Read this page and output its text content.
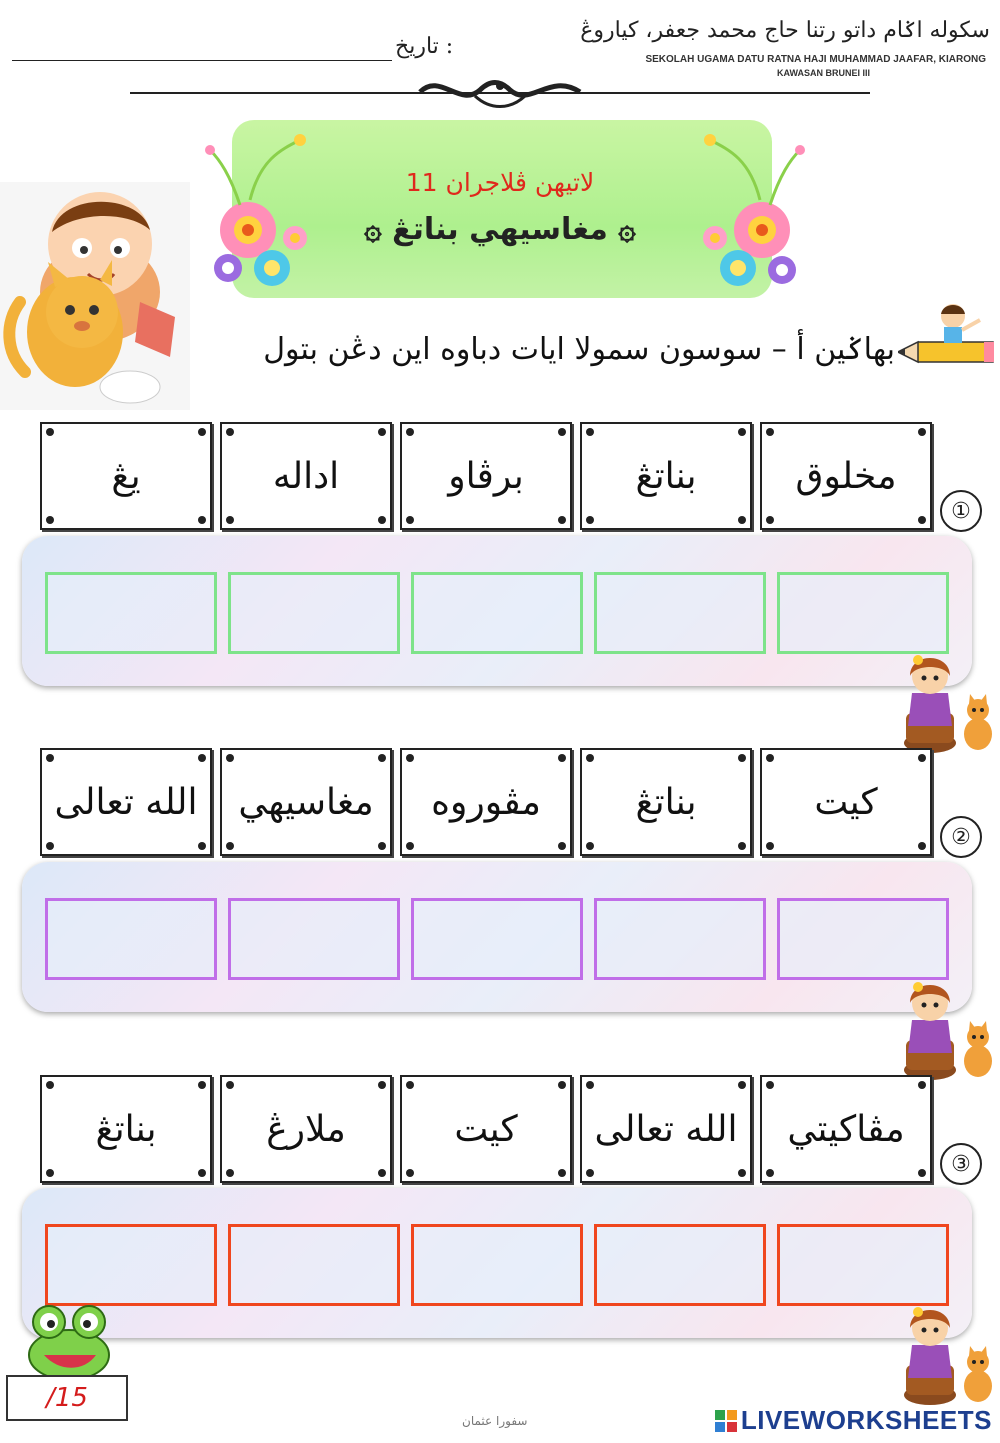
سکوله اݢام داتو رتنا حاج محمد جعفر، کياروڠ
SEKOLAH UGAMA DATU RATNA HAJI MUHAMMAD JAAFAR, KIARONG
KAWASAN BRUNEI III
تاريخ :
لاتيهن ڤلاجران 11
۞ مغاسيهي بناتڠ ۞
بهاݢين أ – سوسون سمولا ايات دباوه اين دڠن بتول
①
مخلوق
بناتڠ
برڤاو
اداله
يڠ
②
کيت
بناتڠ
مڤوروه
مغاسيهي
الله تعالى
③
مڤاکيتي
الله تعالى
کيت
ملارڠ
بناتڠ
/15
سفورا عثمان	LIVEWORKSHEETS
